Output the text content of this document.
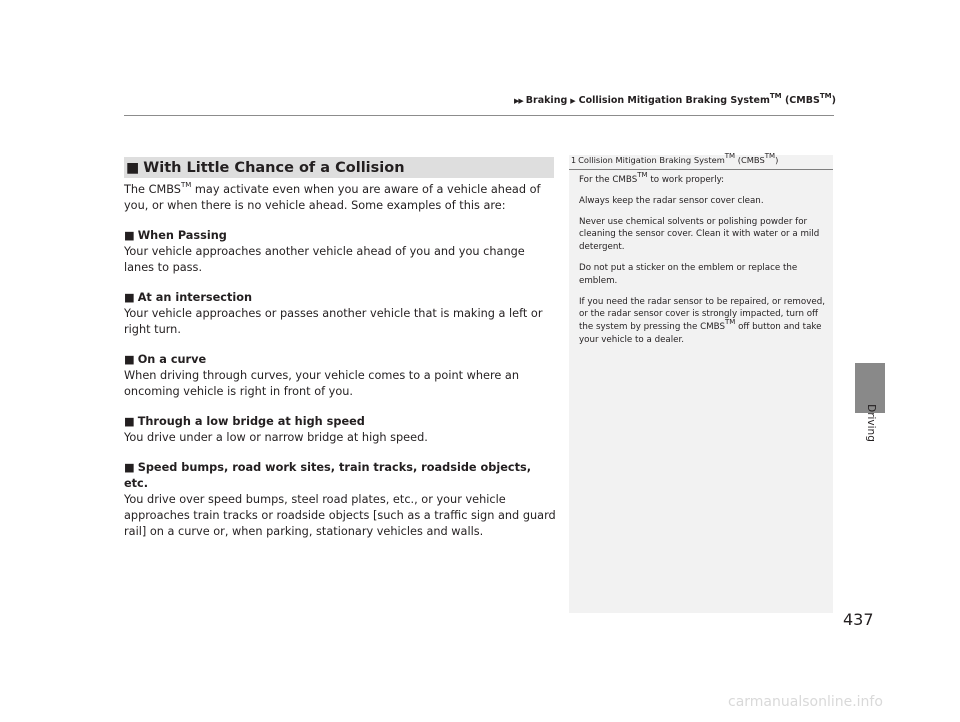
▶▶ Braking ▶ Collision Mitigation Braking System™ (CMBS™)
Driving
■ With Little Chance of a Collision

The CMBS™ may activate even when you are aware of a vehicle ahead of you, or when there is no vehicle ahead. Some examples of this are:

■ When Passing

Your vehicle approaches another vehicle ahead of you and you change lanes to pass.

■ At an intersection

Your vehicle approaches or passes another vehicle that is making a left or right turn.

■ On a curve

When driving through curves, your vehicle comes to a point where an oncoming vehicle is right in front of you.

■ Through a low bridge at high speed

You drive under a low or narrow bridge at high speed.

■ Speed bumps, road work sites, train tracks, roadside objects, etc.

You drive over speed bumps, steel road plates, etc., or your vehicle approaches train tracks or roadside objects [such as a traffic sign and guard rail] on a curve or, when parking, stationary vehicles and walls.

1 Collision Mitigation Braking System™ (CMBS™)

For the CMBS™ to work properly:

Always keep the radar sensor cover clean.

Never use chemical solvents or polishing powder for cleaning the sensor cover. Clean it with water or a mild detergent.

Do not put a sticker on the emblem or replace the emblem.

If you need the radar sensor to be repaired, or removed, or the radar sensor cover is strongly impacted, turn off the system by pressing the CMBS™ off button and take your vehicle to a dealer.

437
carmanualsonline.info
